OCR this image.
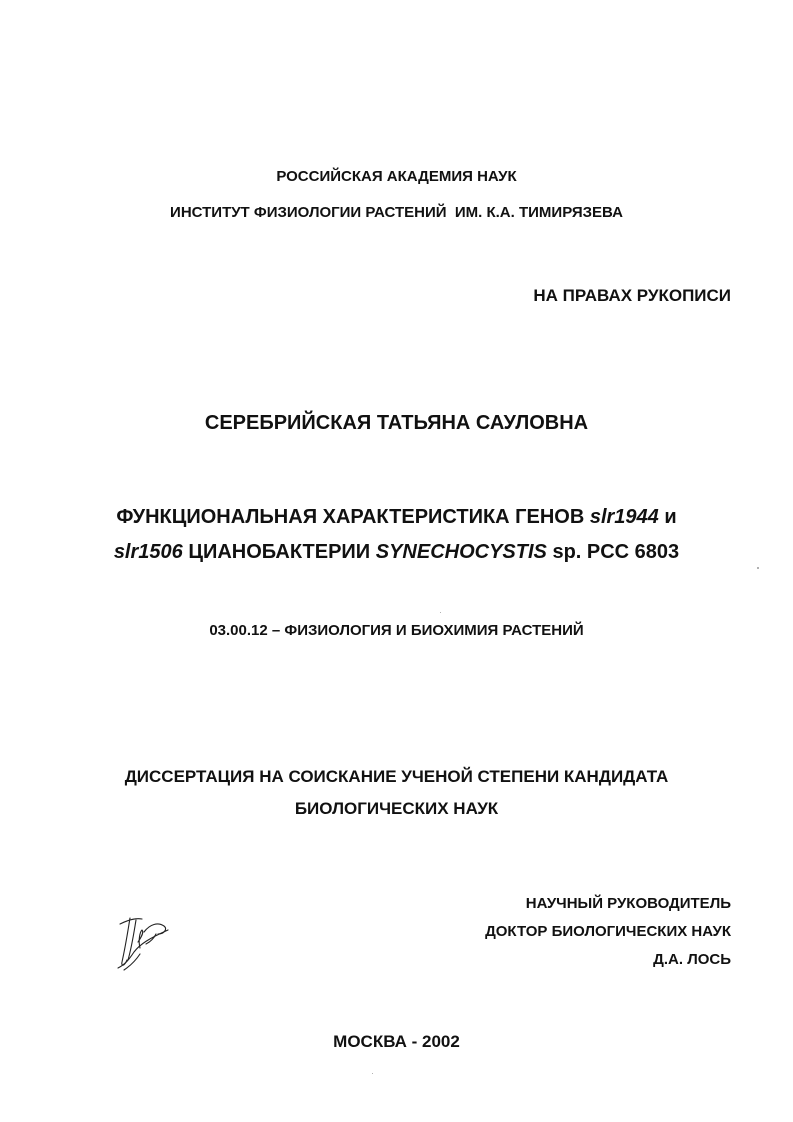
РОССИЙСКАЯ АКАДЕМИЯ НАУК
ИНСТИТУТ ФИЗИОЛОГИИ РАСТЕНИЙ  ИМ. К.А. ТИМИРЯЗЕВА
НА ПРАВАХ РУКОПИСИ
СЕРЕБРИЙСКАЯ ТАТЬЯНА САУЛОВНА
ФУНКЦИОНАЛЬНАЯ ХАРАКТЕРИСТИКА ГЕНОВ slr1944 и
slr1506 ЦИАНОБАКТЕРИИ SYNECHOCYSTIS sp. PCC 6803
03.00.12 – ФИЗИОЛОГИЯ И БИОХИМИЯ РАСТЕНИЙ
ДИССЕРТАЦИЯ НА СОИСКАНИЕ УЧЕНОЙ СТЕПЕНИ КАНДИДАТА
БИОЛОГИЧЕСКИХ НАУК
НАУЧНЫЙ РУКОВОДИТЕЛЬ
ДОКТОР БИОЛОГИЧЕСКИХ НАУК
Д.А. ЛОСЬ
МОСКВА - 2002
